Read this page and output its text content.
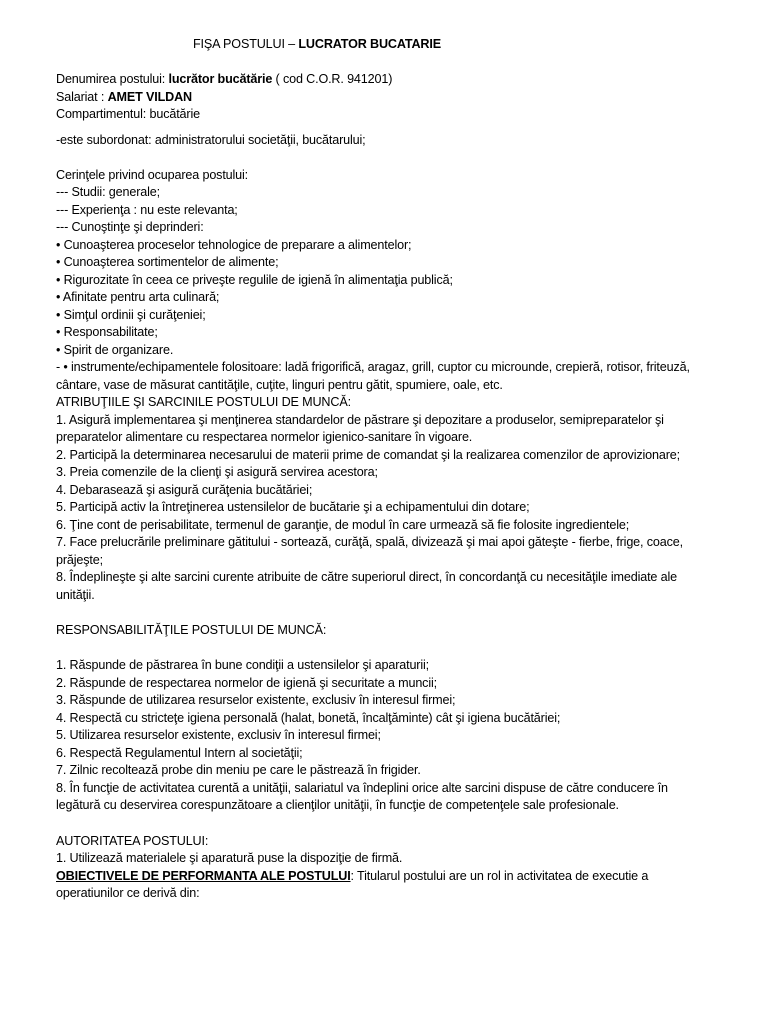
FIŞA POSTULUI – LUCRATOR BUCATARIE
Denumirea postului: lucrător bucătărie ( cod C.O.R. 941201)
Salariat : AMET VILDAN
Compartimentul: bucătărie
-este subordonat: administratorului societăţii, bucătarului;
Cerinţele privind ocuparea postului:
--- Studii: generale;
--- Experienţa : nu este relevanta;
--- Cunoştinţe şi deprinderi:
• Cunoaşterea proceselor tehnologice de preparare a alimentelor;
• Cunoaşterea sortimentelor de alimente;
• Rigurozitate în ceea ce priveşte regulile de igienă în alimentaţia publică;
• Afinitate pentru arta culinară;
• Simţul ordinii şi curăţeniei;
• Responsabilitate;
• Spirit de organizare.
- • instrumente/echipamentele folositoare: ladă frigorifică, aragaz, grill, cuptor cu microunde, crepieră, rotisor, friteuză,
cântare, vase de măsurat cantităţile, cuţite, linguri pentru gătit, spumiere, oale, etc.
ATRIBUŢIILE ŞI SARCINILE POSTULUI DE MUNCĂ:
1. Asigură implementarea şi menţinerea standardelor de păstrare şi depozitare a produselor, semipreparatelor şi
preparatelor alimentare cu respectarea normelor igienico-sanitare în vigoare.
2. Participă la determinarea necesarului de materii prime de comandat şi la realizarea comenzilor de aprovizionare;
3. Preia comenzile de la clienţi şi asigură servirea acestora;
4. Debarasează şi asigură curăţenia bucătăriei;
5. Participă activ la întreţinerea ustensilelor de bucătarie şi a echipamentului din dotare;
6. Ţine cont de perisabilitate, termenul de garanţie, de modul în care urmează să fie folosite ingredientele;
7. Face prelucrările preliminare gătitului - sortează, curăţă, spală, divizează şi mai apoi găteşte - fierbe, frige, coace,
prăjeşte;
8. Îndeplineşte şi alte sarcini curente atribuite de către superiorul direct, în concordanţă cu necesităţile imediate ale
unităţii.
RESPONSABILITĂŢILE POSTULUI DE MUNCĂ:
1. Răspunde de păstrarea în bune condiţii a ustensilelor şi aparaturii;
2. Răspunde de respectarea normelor de igienă şi securitate a muncii;
3. Răspunde de utilizarea resurselor existente, exclusiv în interesul firmei;
4. Respectă cu stricteţe igiena personală (halat, bonetă, încalţăminte) cât şi igiena bucătăriei;
5. Utilizarea resurselor existente, exclusiv în interesul firmei;
6. Respectă Regulamentul Intern al societăţii;
7. Zilnic recoltează probe din meniu pe care le păstrează în frigider.
8. În funcţie de activitatea curentă a unităţii, salariatul va îndeplini orice alte sarcini dispuse de către conducere în
legătură cu deservirea corespunzătoare a clienţilor unităţii, în funcţie de competenţele sale profesionale.
AUTORITATEA POSTULUI:
1. Utilizează materialele şi aparatură puse la dispoziţie de firmă.
OBIECTIVELE DE PERFORMANTA ALE POSTULUI: Titularul postului are un rol in activitatea de executie a
operatiunilor ce derivă din:
